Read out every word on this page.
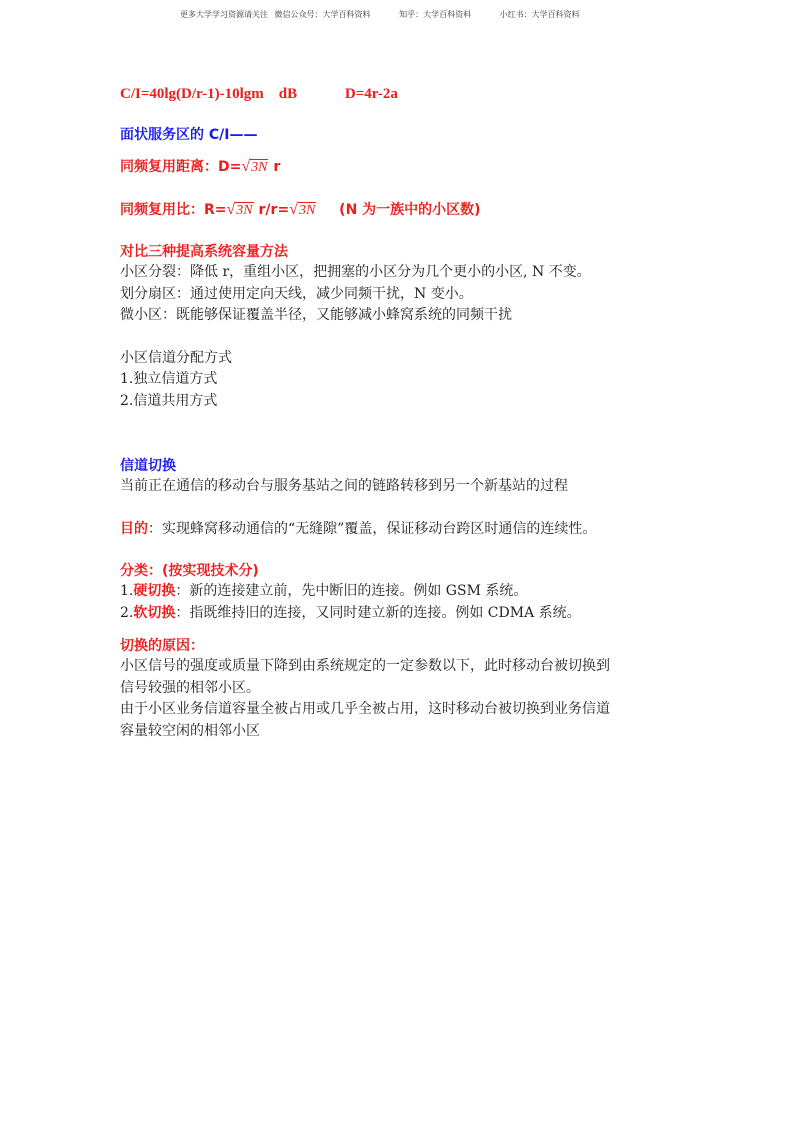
更多大学学习资源请关注 微信公众号：大学百科资料	知乎：大学百科资料	小红书：大学百科资料
C/I=40lg(D/r-1)-10lgm    dB	D=4r-2a
面状服务区的 C/I——
同频复用距离：D=√3N r
同频复用比：R=√3N r/r=√3N (N 为一族中的小区数)
对比三种提高系统容量方法
小区分裂：降低 r，重组小区，把拥塞的小区分为几个更小的小区, N 不变。
划分扇区：通过使用定向天线，减少同频干扰，N 变小。
微小区：既能够保证覆盖半径，又能够减小蜂窝系统的同频干扰
小区信道分配方式
1.独立信道方式
2.信道共用方式
信道切换
当前正在通信的移动台与服务基站之间的链路转移到另一个新基站的过程
目的：实现蜂窝移动通信的“无缝隙”覆盖，保证移动台跨区时通信的连续性。
分类：(按实现技术分)
1.硬切换：新的连接建立前，先中断旧的连接。例如 GSM 系统。
2.软切换：指既维持旧的连接，又同时建立新的连接。例如 CDMA 系统。
切换的原因：
小区信号的强度或质量下降到由系统规定的一定参数以下，此时移动台被切换到
信号较强的相邻小区。
由于小区业务信道容量全被占用或几乎全被占用，这时移动台被切换到业务信道
容量较空闲的相邻小区
